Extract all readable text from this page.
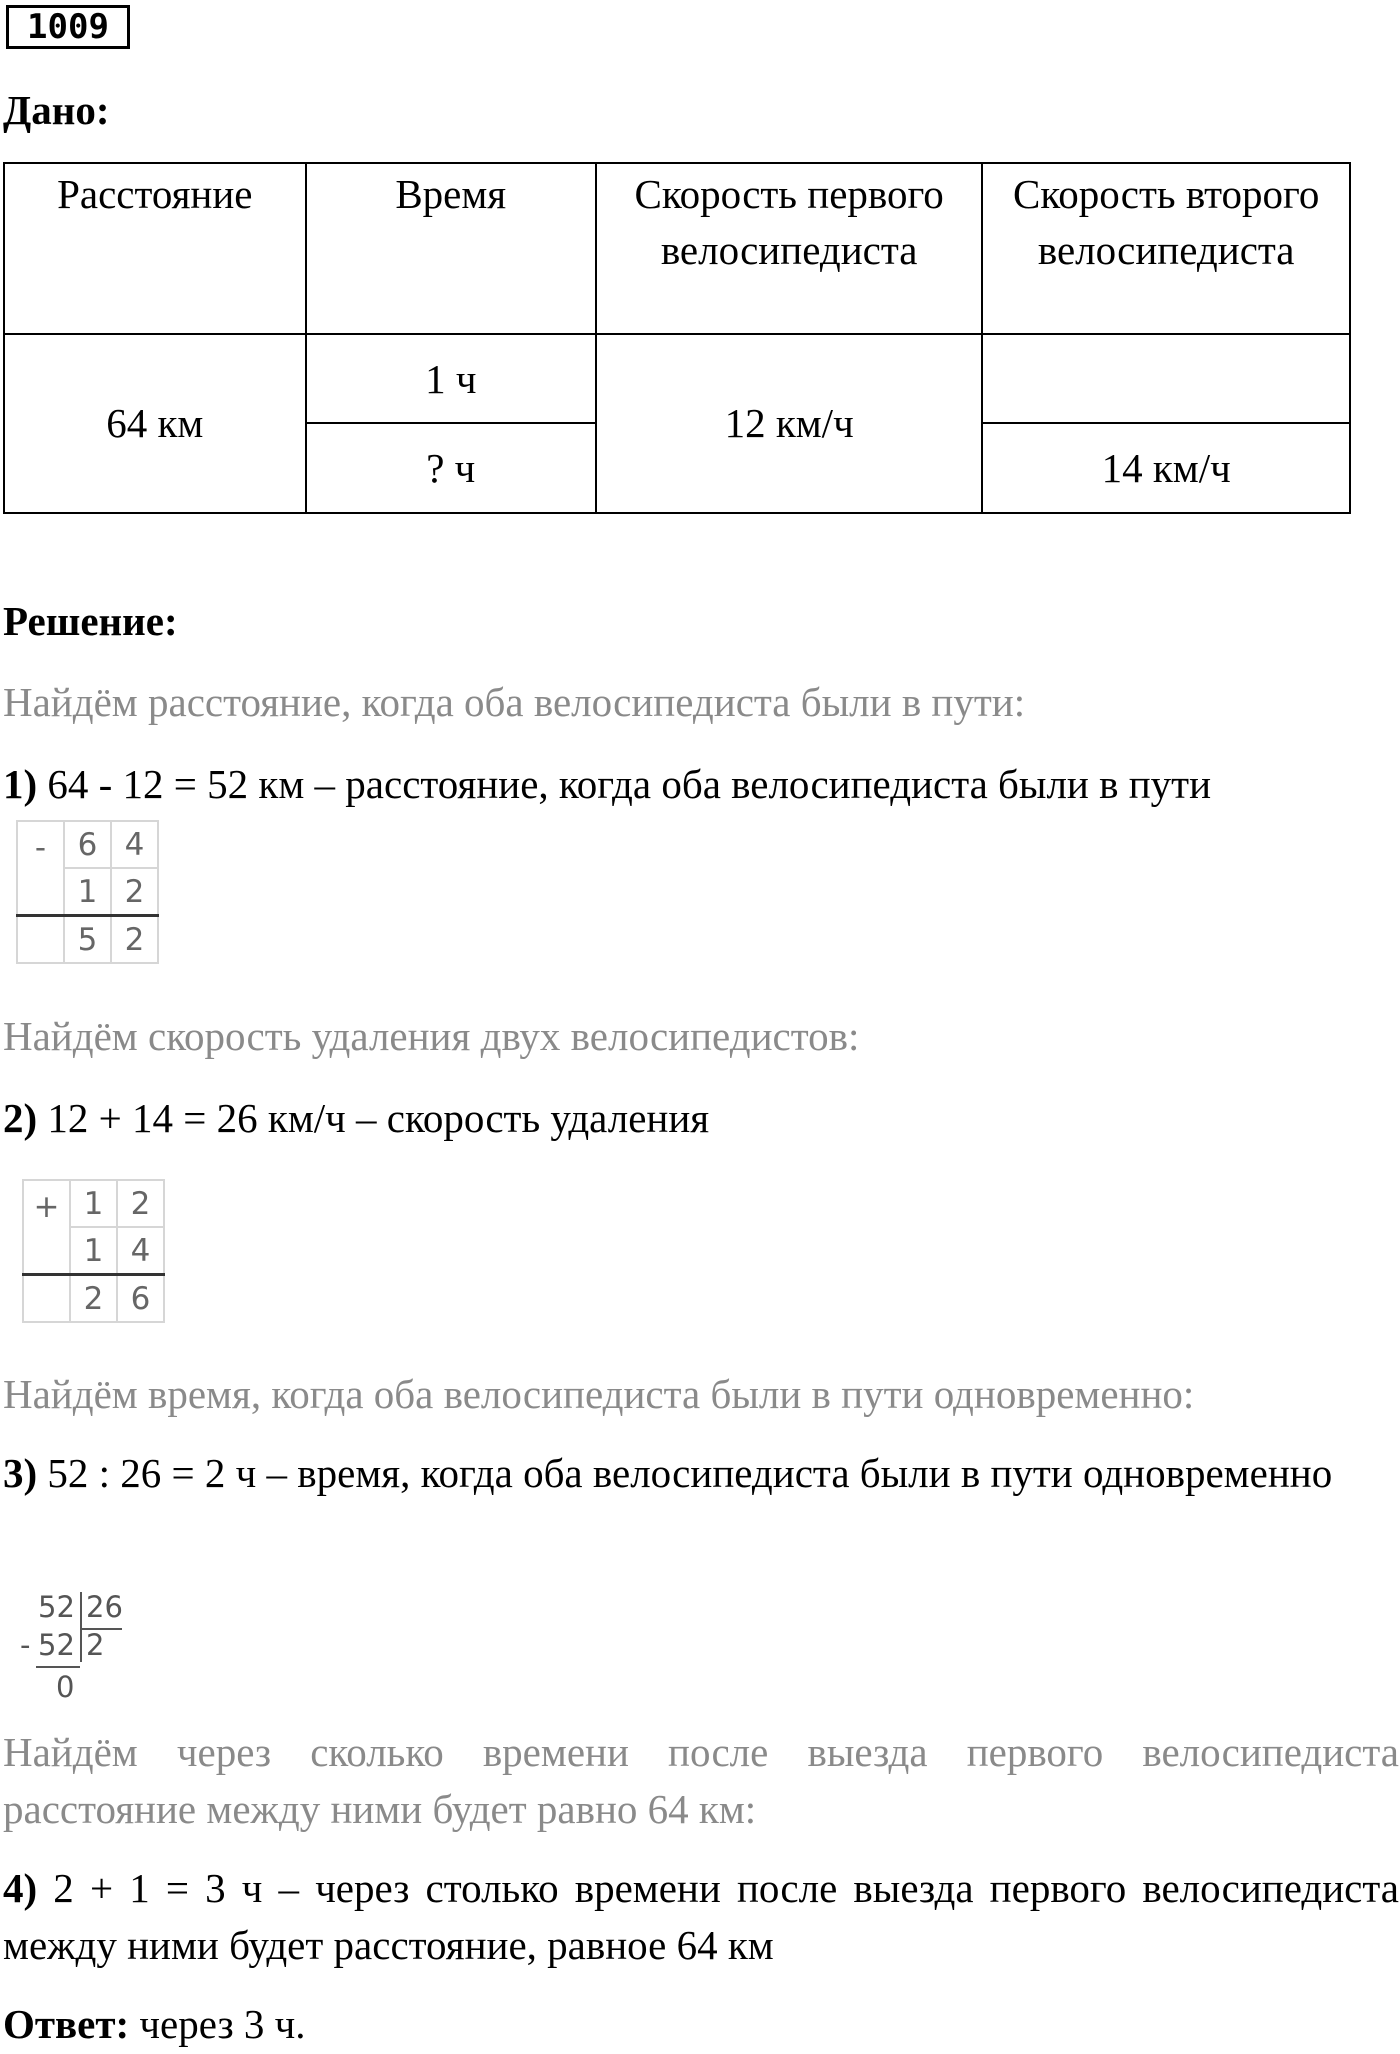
1009
Дано:
Расстояние	Время	Скорость первого велосипедиста	Скорость второго велосипедиста
64 км	1 ч	12 км/ч	
	? ч		14 км/ч
Решение:
Найдём расстояние, когда оба велосипедиста были в пути:
1) 64 - 12 = 52 км – расстояние, когда оба велосипедиста были в пути
-	6	4
	1	2
	5	2
Найдём скорость удаления двух велосипедистов:
2) 12 + 14 = 26 км/ч – скорость удаления
+	1	2
	1	4
	2	6
Найдём время, когда оба велосипедиста были в пути одновременно:
3) 52 : 26 = 2 ч – время, когда оба велосипедиста были в пути одновременно
-
52 26
52 2
0
Найдём через сколько времени после выезда первого велосипедиста расстояние между ними будет равно 64 км:
4) 2 + 1 = 3 ч – через столько времени после выезда первого велосипедиста между ними будет расстояние, равное 64 км
Ответ: через 3 ч.
